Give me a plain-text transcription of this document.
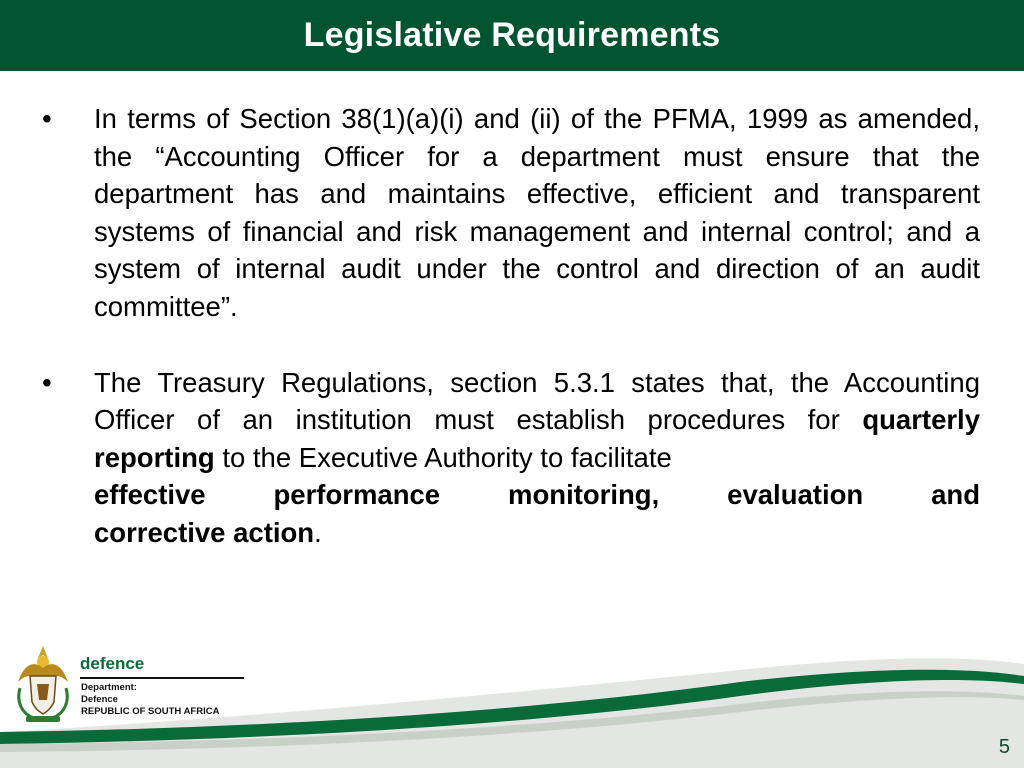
Legislative Requirements
•	In terms of Section 38(1)(a)(i) and (ii) of the PFMA, 1999 as amended, the “Accounting Officer for a department must ensure that the department has and maintains effective, efficient and transparent systems of financial and risk management and internal control; and a system of internal audit under the control and direction of an audit committee”.

•	The Treasury Regulations, section 5.3.1 states that, the Accounting Officer of an institution must establish procedures for quarterly reporting to the Executive Authority to facilitate
effective performance monitoring, evaluation and
corrective action.

defence
Department:
Defence
REPUBLIC OF SOUTH AFRICA
5
